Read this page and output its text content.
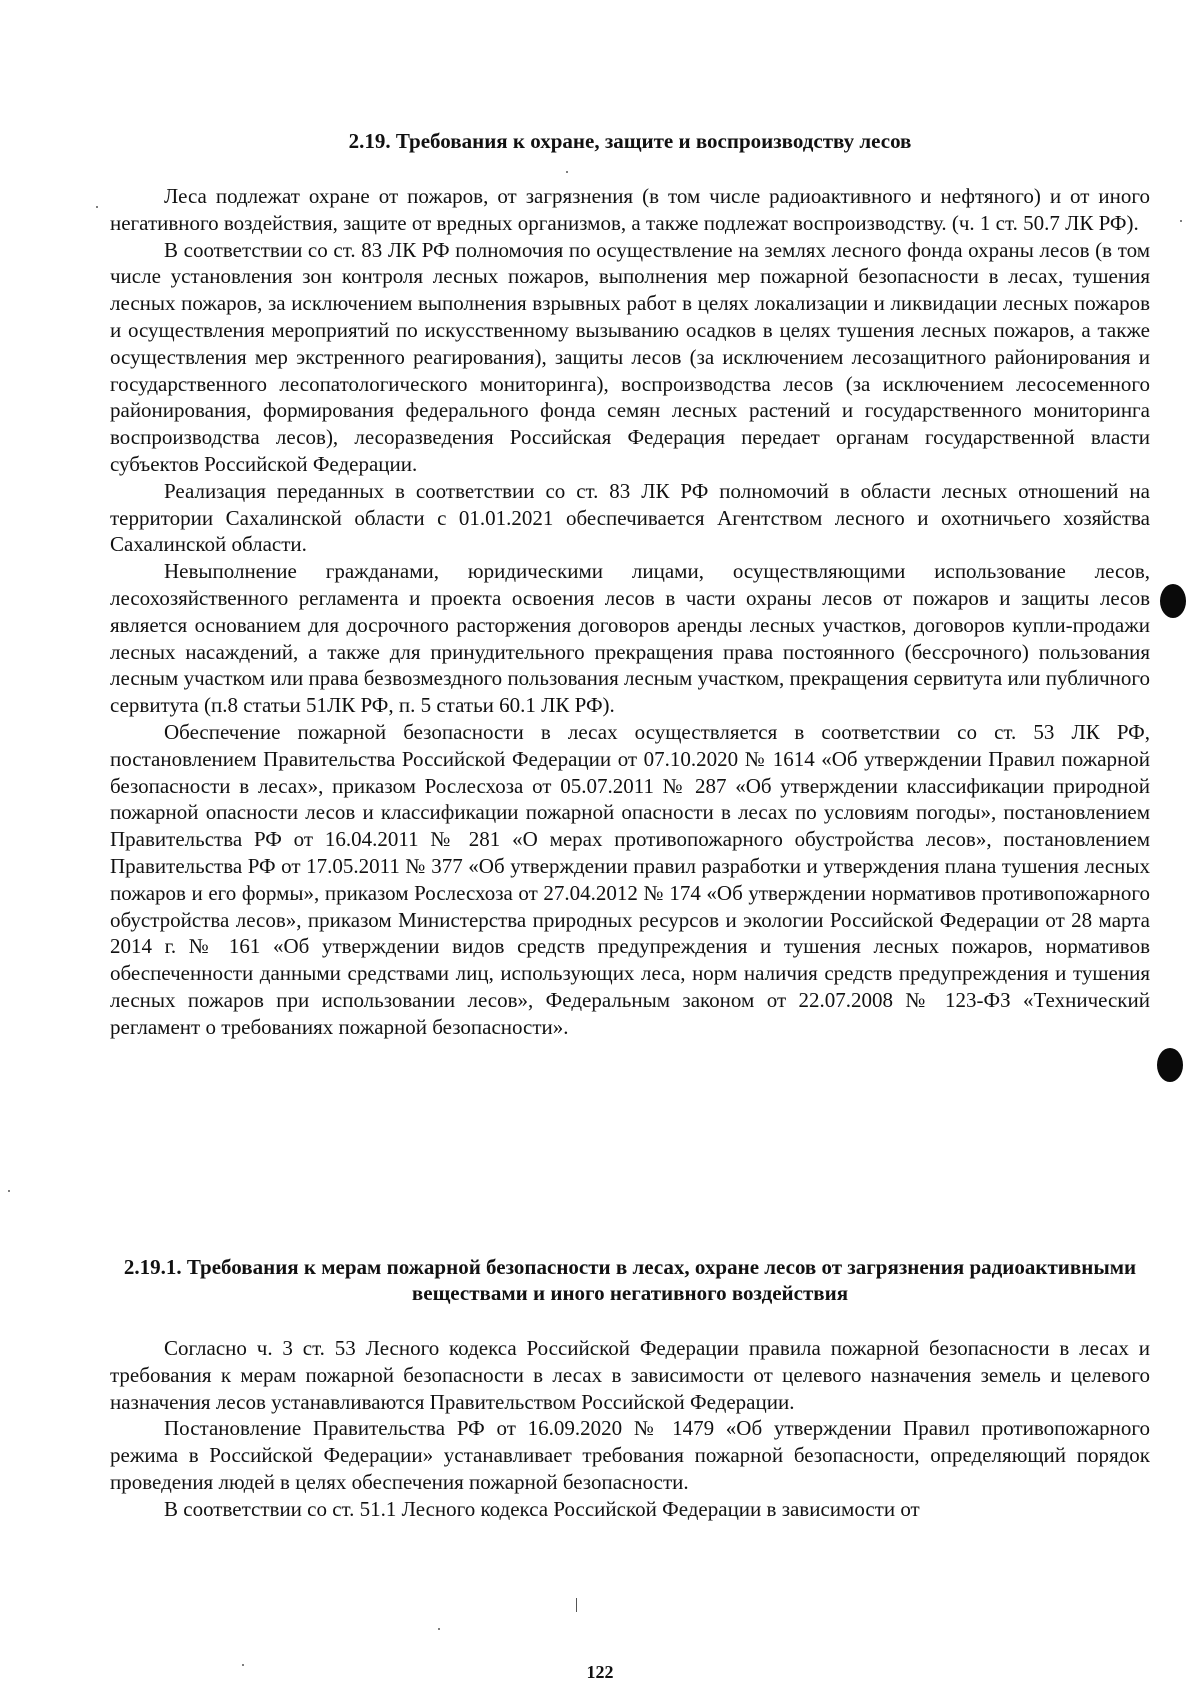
2.19. Требования к охране, защите и воспроизводству лесов

Леса подлежат охране от пожаров, от загрязнения (в том числе радиоактивного и нефтяного) и от иного негативного воздействия, защите от вредных организмов, а также подлежат воспроизводству. (ч. 1 ст. 50.7 ЛК РФ).

В соответствии со ст. 83 ЛК РФ полномочия по осуществление на землях лесного фонда охраны лесов (в том числе установления зон контроля лесных пожаров, выполнения мер пожарной безопасности в лесах, тушения лесных пожаров, за исключением выполнения взрывных работ в целях локализации и ликвидации лесных пожаров и осуществления мероприятий по искусственному вызыванию осадков в целях тушения лесных пожаров, а также осуществления мер экстренного реагирования), защиты лесов (за исключением лесозащитного районирования и государственного лесопатологического мониторинга), воспроизводства лесов (за исключением лесосеменного районирования, формирования федерального фонда семян лесных растений и государственного мониторинга воспроизводства лесов), лесоразведения Российская Федерация передает органам государственной власти субъектов Российской Федерации.

Реализация переданных в соответствии со ст. 83 ЛК РФ полномочий в области лесных отношений на территории Сахалинской области с 01.01.2021 обеспечивается Агентством лесного и охотничьего хозяйства Сахалинской области.

Невыполнение гражданами, юридическими лицами, осуществляющими использование лесов, лесохозяйственного регламента и проекта освоения лесов в части охраны лесов от пожаров и защиты лесов является основанием для досрочного расторжения договоров аренды лесных участков, договоров купли-продажи лесных насаждений, а также для принудительного прекращения права постоянного (бессрочного) пользования лесным участком или права безвозмездного пользования лесным участком, прекращения сервитута или публичного сервитута (п.8 статьи 51ЛК РФ, п. 5 статьи 60.1 ЛК РФ).

Обеспечение пожарной безопасности в лесах осуществляется в соответствии со ст. 53 ЛК РФ, постановлением Правительства Российской Федерации от 07.10.2020 № 1614 «Об утверждении Правил пожарной безопасности в лесах», приказом Рослесхоза от 05.07.2011 № 287 «Об утверждении классификации природной пожарной опасности лесов и классификации пожарной опасности в лесах по условиям погоды», постановлением Правительства РФ от 16.04.2011 № 281 «О мерах противопожарного обустройства лесов», постановлением Правительства РФ от 17.05.2011 № 377 «Об утверждении правил разработки и утверждения плана тушения лесных пожаров и его формы», приказом Рослесхоза от 27.04.2012 № 174 «Об утверждении нормативов противопожарного обустройства лесов», приказом Министерства природных ресурсов и экологии Российской Федерации от 28 марта 2014 г. № 161 «Об утверждении видов средств предупреждения и тушения лесных пожаров, нормативов обеспеченности данными средствами лиц, использующих леса, норм наличия средств предупреждения и тушения лесных пожаров при использовании лесов», Федеральным законом от 22.07.2008 № 123-ФЗ «Технический регламент о требованиях пожарной безопасности».

2.19.1. Требования к мерам пожарной безопасности в лесах, охране лесов от загрязнения радиоактивными веществами и иного негативного воздействия

Согласно ч. 3 ст. 53 Лесного кодекса Российской Федерации правила пожарной безопасности в лесах и требования к мерам пожарной безопасности в лесах в зависимости от целевого назначения земель и целевого назначения лесов устанавливаются Правительством Российской Федерации.

Постановление Правительства РФ от 16.09.2020 № 1479 «Об утверждении Правил противопожарного режима в Российской Федерации» устанавливает требования пожарной безопасности, определяющий порядок проведения людей в целях обеспечения пожарной безопасности.

В соответствии со ст. 51.1 Лесного кодекса Российской Федерации в зависимости от

122
